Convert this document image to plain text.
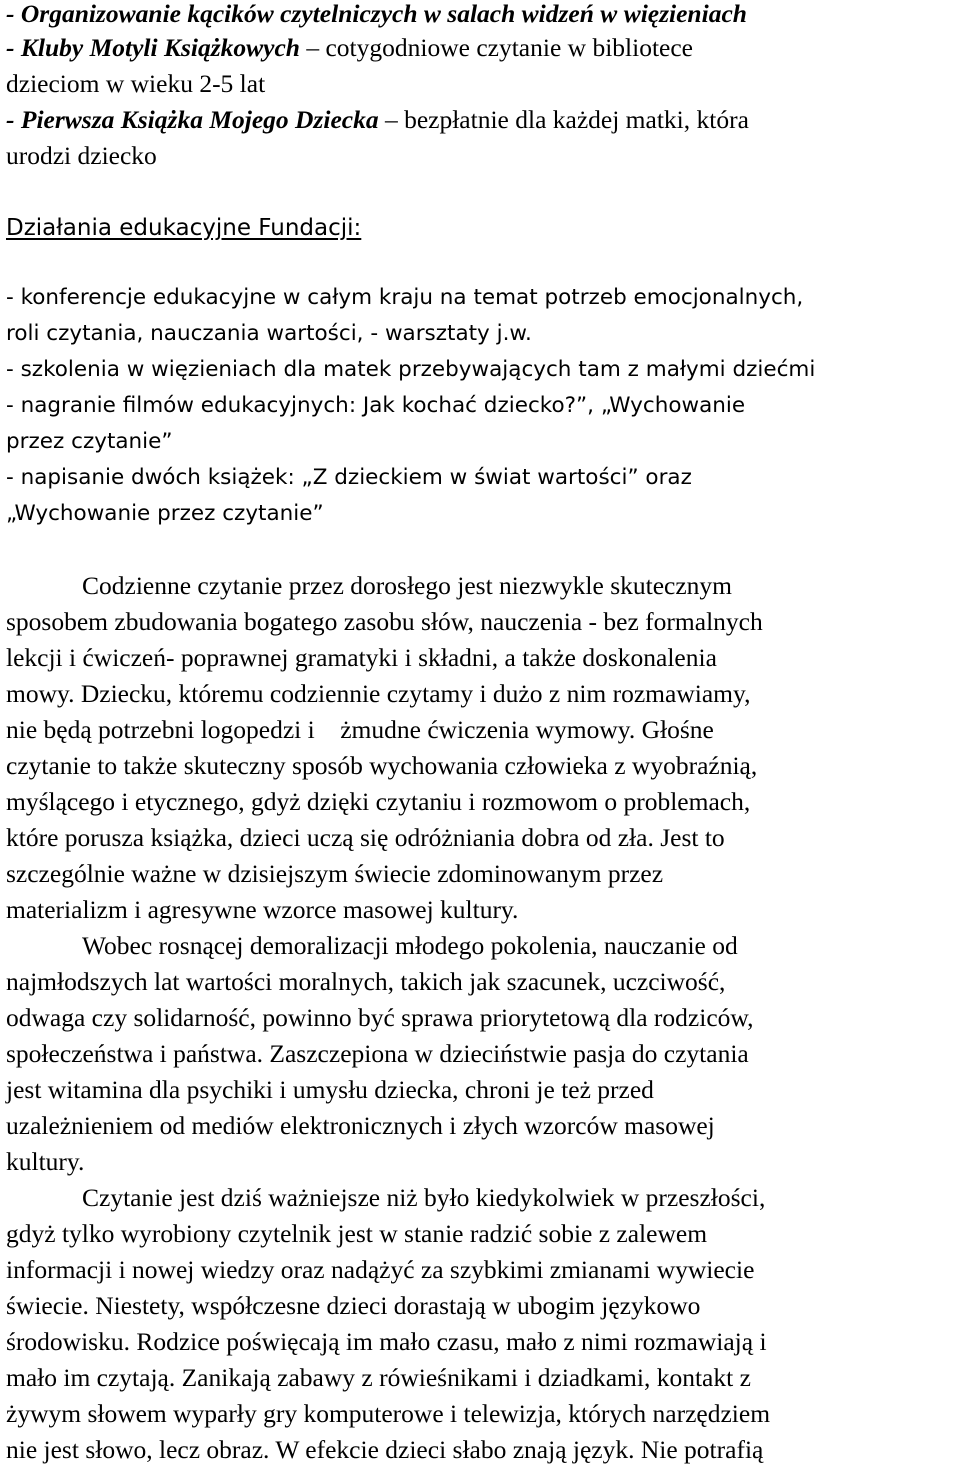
- Organizowanie kącików czytelniczych w salach widzeń w więzieniach
- Kluby Motyli Książkowych – cotygodniowe czytanie w bibliotece
dzieciom w wieku 2-5 lat
- Pierwsza Książka Mojego Dziecka – bezpłatnie dla każdej matki, która
urodzi dziecko
Działania edukacyjne Fundacji:
- konferencje edukacyjne w całym kraju na temat potrzeb emocjonalnych,
roli czytania, nauczania wartości, - warsztaty j.w.
- szkolenia w więzieniach dla matek przebywających tam z małymi dziećmi
- nagranie filmów edukacyjnych: Jak kochać dziecko?”, „Wychowanie
przez czytanie”
- napisanie dwóch książek: „Z dzieckiem w świat wartości” oraz
„Wychowanie przez czytanie”
Codzienne czytanie przez dorosłego jest niezwykle skutecznym
sposobem zbudowania bogatego zasobu słów, nauczenia - bez formalnych
lekcji i ćwiczeń- poprawnej gramatyki i składni, a także doskonalenia
mowy. Dziecku, któremu codziennie czytamy i dużo z nim rozmawiamy,
nie będą potrzebni logopedzi i    żmudne ćwiczenia wymowy. Głośne
czytanie to także skuteczny sposób wychowania człowieka z wyobraźnią,
myślącego i etycznego, gdyż dzięki czytaniu i rozmowom o problemach,
które porusza książka, dzieci uczą się odróżniania dobra od zła. Jest to
szczególnie ważne w dzisiejszym świecie zdominowanym przez
materializm i agresywne wzorce masowej kultury.
Wobec rosnącej demoralizacji młodego pokolenia, nauczanie od
najmłodszych lat wartości moralnych, takich jak szacunek, uczciwość,
odwaga czy solidarność, powinno być sprawa priorytetową dla rodziców,
społeczeństwa i państwa. Zaszczepiona w dzieciństwie pasja do czytania
jest witamina dla psychiki i umysłu dziecka, chroni je też przed
uzależnieniem od mediów elektronicznych i złych wzorców masowej
kultury.
Czytanie jest dziś ważniejsze niż było kiedykolwiek w przeszłości,
gdyż tylko wyrobiony czytelnik jest w stanie radzić sobie z zalewem
informacji i nowej wiedzy oraz nadążyć za szybkimi zmianami wywiecie
świecie. Niestety, współczesne dzieci dorastają w ubogim językowo
środowisku. Rodzice poświęcają im mało czasu, mało z nimi rozmawiają i
mało im czytają. Zanikają zabawy z rówieśnikami i dziadkami, kontakt z
żywym słowem wyparły gry komputerowe i telewizja, których narzędziem
nie jest słowo, lecz obraz. W efekcie dzieci słabo znają język. Nie potrafią
